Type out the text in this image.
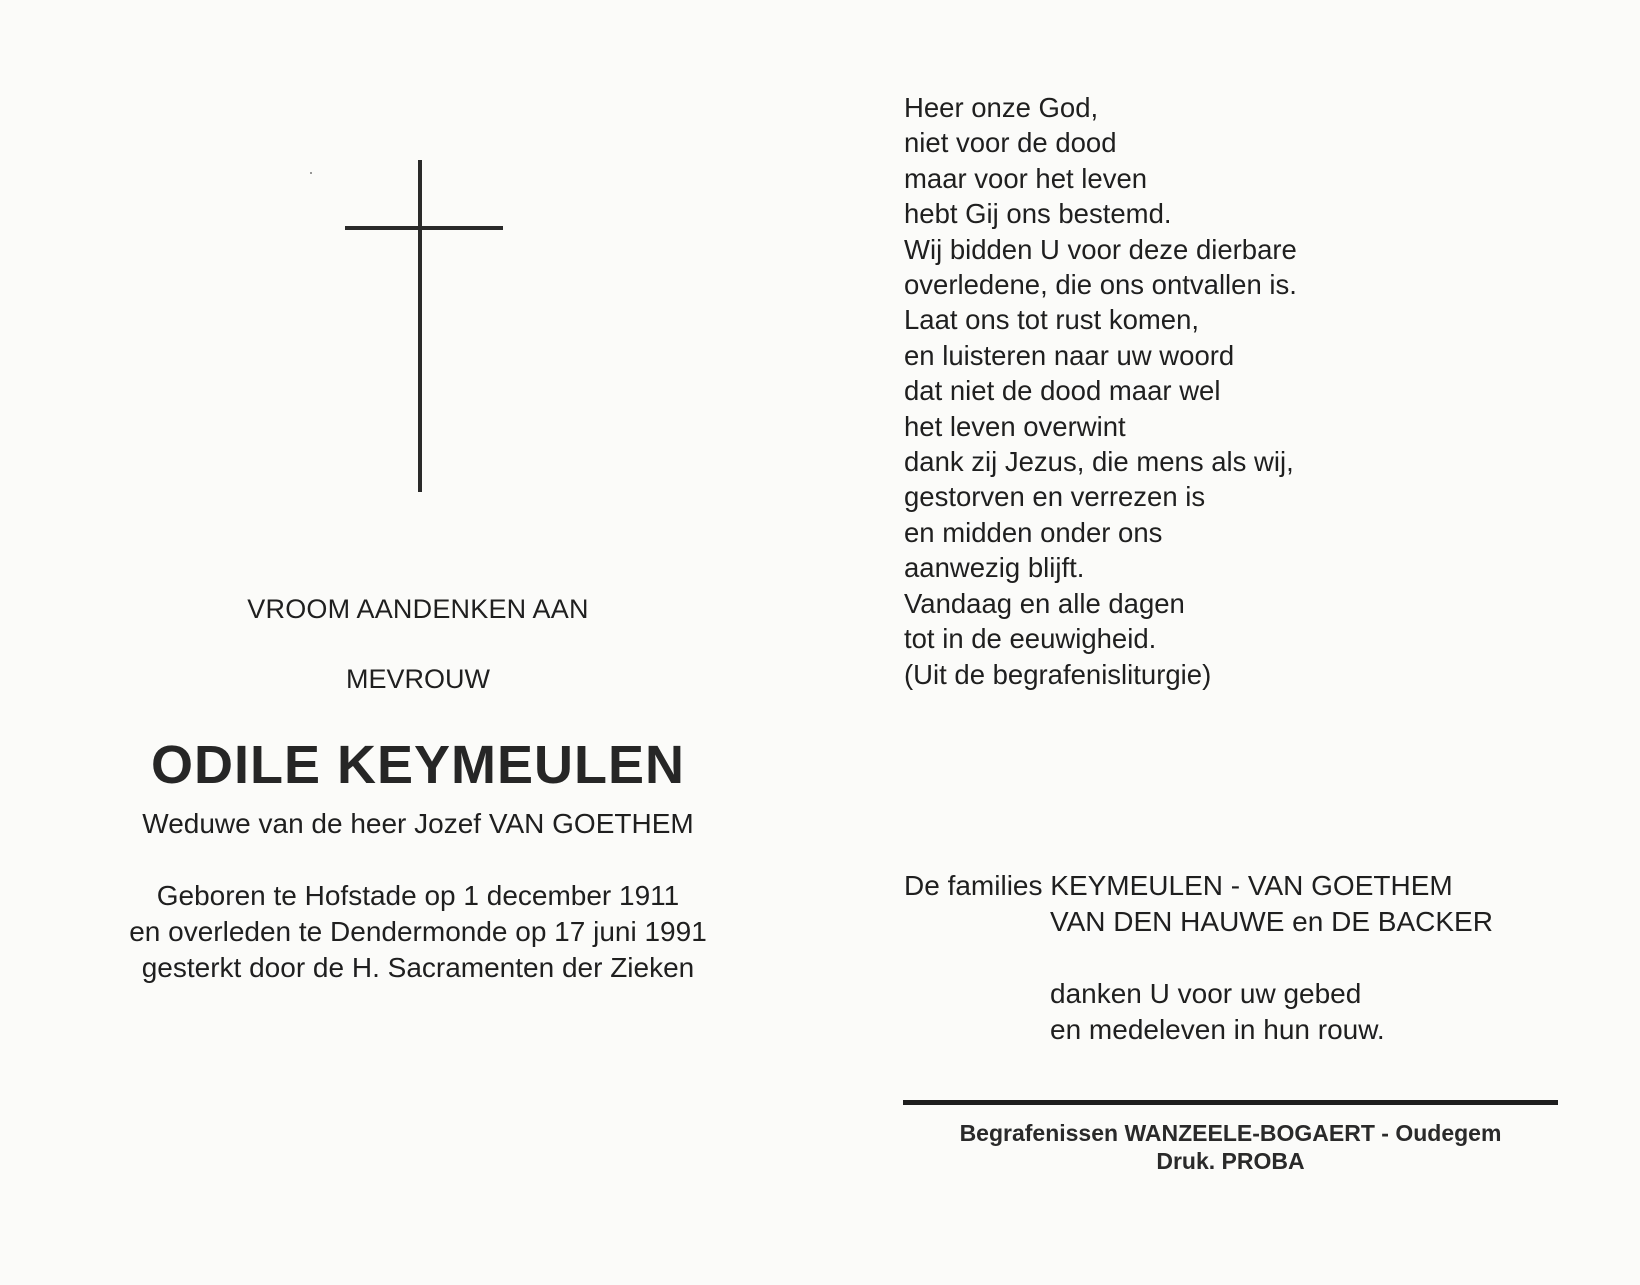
VROOM AANDENKEN AAN
MEVROUW
ODILE KEYMEULEN
Weduwe van de heer Jozef VAN GOETHEM
Geboren te Hofstade op 1 december 1911
en overleden te Dendermonde op 17 juni 1991
gesterkt door de H. Sacramenten der Zieken
Heer onze God,
niet voor de dood
maar voor het leven
hebt Gij ons bestemd.
Wij bidden U voor deze dierbare
overledene, die ons ontvallen is.
Laat ons tot rust komen,
en luisteren naar uw woord
dat niet de dood maar wel
het leven overwint
dank zij Jezus, die mens als wij,
gestorven en verrezen is
en midden onder ons
aanwezig blijft.
Vandaag en alle dagen
tot in de eeuwigheid.
(Uit de begrafenisliturgie)
De families KEYMEULEN - VAN GOETHEM
VAN DEN HAUWE en DE BACKER
danken U voor uw gebed
en medeleven in hun rouw.
Begrafenissen WANZEELE-BOGAERT - Oudegem
Druk. PROBA
